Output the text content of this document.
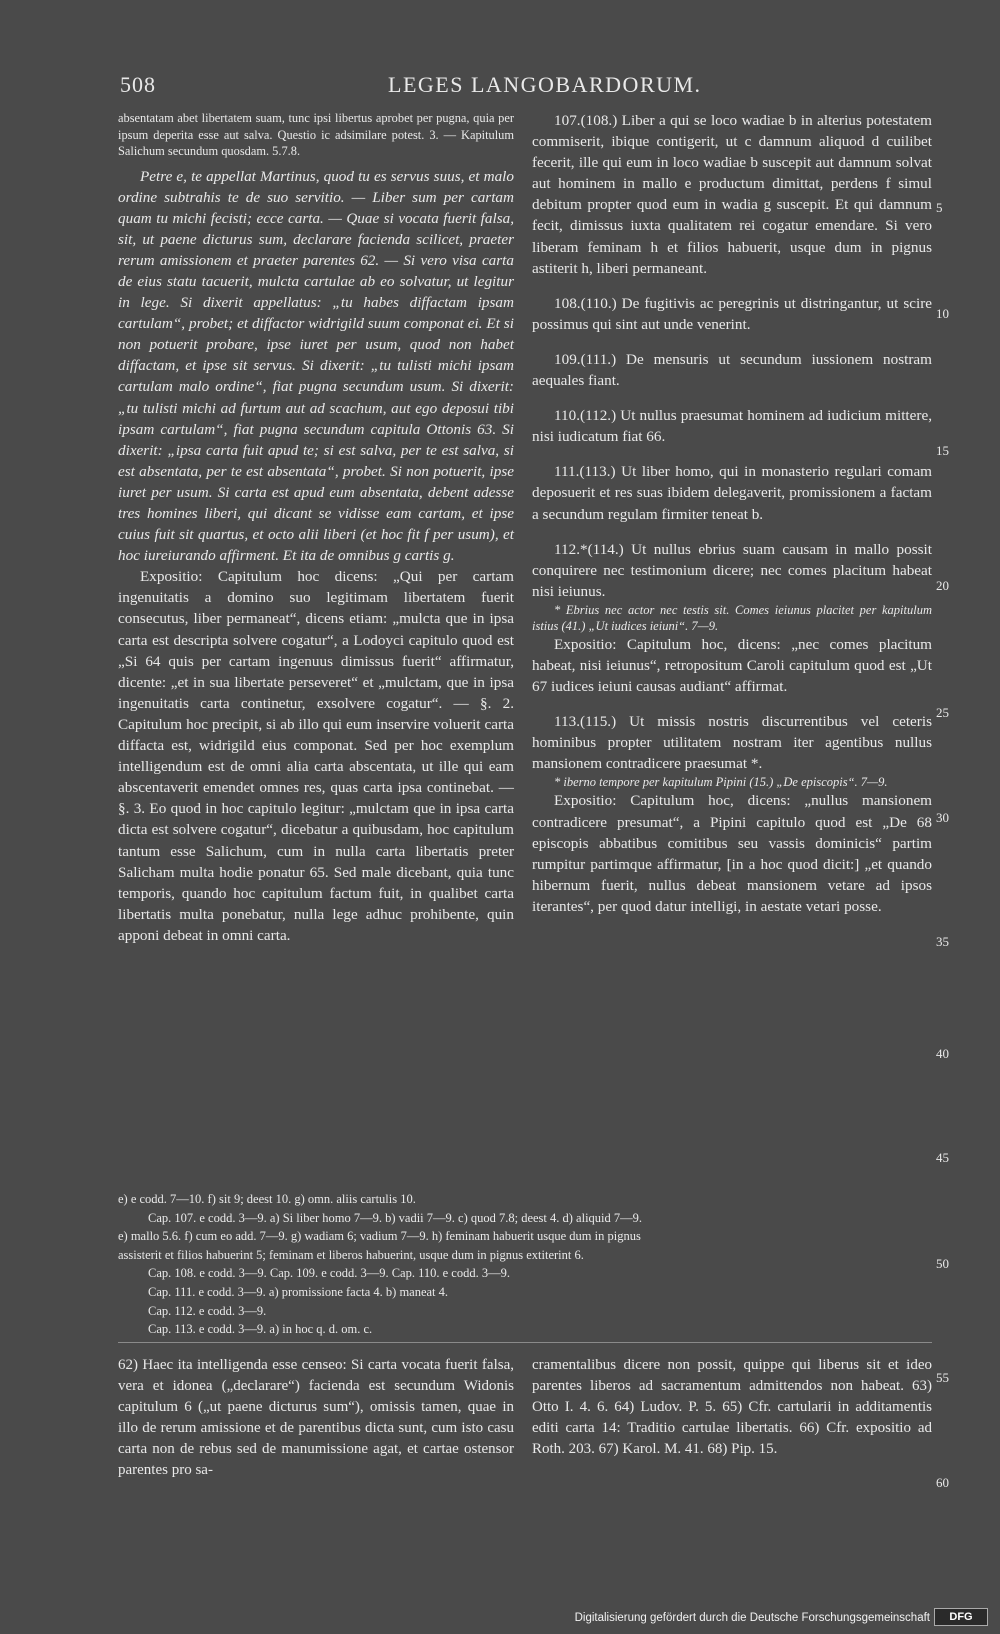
508	LEGES LANGOBARDORUM.

absentatam abet libertatem suam, tunc ipsi libertus aprobet per pugna, quia per ipsum deperita esse aut salva. Questio ic adsimilare potest. 3. — Kapitulum Salichum secundum quosdam. 5.7.8.

Petre e, te appellat Martinus, quod tu es servus suus, et malo ordine subtrahis te de suo servitio. — Liber sum per cartam quam tu michi fecisti; ecce carta. — Quae si vocata fuerit falsa, sit, ut paene dicturus sum, declarare facienda scilicet, praeter rerum amissionem et praeter parentes 62. — Si vero visa carta de eius statu tacuerit, mulcta cartulae ab eo solvatur, ut legitur in lege. Si dixerit appellatus: „tu habes diffactam ipsam cartulam“, probet; et diffactor widrigild suum componat ei. Et si non potuerit probare, ipse iuret per usum, quod non habet diffactam, et ipse sit servus. Si dixerit: „tu tulisti michi ipsam cartulam malo ordine“, fiat pugna secundum usum. Si dixerit: „tu tulisti michi ad furtum aut ad scachum, aut ego deposui tibi ipsam cartulam“, fiat pugna secundum capitula Ottonis 63. Si dixerit: „ipsa carta fuit apud te; si est salva, per te est salva, si est absentata, per te est absentata“, probet. Si non potuerit, ipse iuret per usum. Si carta est apud eum absentata, debent adesse tres homines liberi, qui dicant se vidisse eam cartam, et ipse cuius fuit sit quartus, et octo alii liberi (et hoc fit f per usum), et hoc iureiurando affirment. Et ita de omnibus g cartis g.

Expositio: Capitulum hoc dicens: „Qui per cartam ingenuitatis a domino suo legitimam libertatem fuerit consecutus, liber permaneat“, dicens etiam: „mulcta que in ipsa carta est descripta solvere cogatur“, a Lodoyci capitulo quod est „Si 64 quis per cartam ingenuus dimissus fuerit“ affirmatur, dicente: „et in sua libertate perseveret“ et „mulctam, que in ipsa ingenuitatis carta continetur, exsolvere cogatur“. — §. 2. Capitulum hoc precipit, si ab illo qui eum inservire voluerit carta diffacta est, widrigild eius componat. Sed per hoc exemplum intelligendum est de omni alia carta abscentata, ut ille qui eam abscentaverit emendet omnes res, quas carta ipsa continebat. — §. 3. Eo quod in hoc capitulo legitur: „mulctam que in ipsa carta dicta est solvere cogatur“, dicebatur a quibusdam, hoc capitulum tantum esse Salichum, cum in nulla carta libertatis preter Salicham multa hodie ponatur 65. Sed male dicebant, quia tunc temporis, quando hoc capitulum factum fuit, in qualibet carta libertatis multa ponebatur, nulla lege adhuc prohibente, quin apponi debeat in omni carta.

107.(108.) Liber a qui se loco wadiae b in alterius potestatem commiserit, ibique contigerit, ut c damnum aliquod d cuilibet fecerit, ille qui eum in loco wadiae b suscepit aut damnum solvat aut hominem in mallo e productum dimittat, perdens f simul debitum propter quod eum in wadia g suscepit. Et qui damnum fecit, dimissus iuxta qualitatem rei cogatur emendare. Si vero liberam feminam h et filios habuerit, usque dum in pignus astiterit h, liberi permaneant.

108.(110.) De fugitivis ac peregrinis ut distringantur, ut scire possimus qui sint aut unde venerint.

109.(111.) De mensuris ut secundum iussionem nostram aequales fiant.

110.(112.) Ut nullus praesumat hominem ad iudicium mittere, nisi iudicatum fiat 66.

111.(113.) Ut liber homo, qui in monasterio regulari comam deposuerit et res suas ibidem delegaverit, promissionem a factam a secundum regulam firmiter teneat b.

112.*(114.) Ut nullus ebrius suam causam in mallo possit conquirere nec testimonium dicere; nec comes placitum habeat nisi ieiunus.

* Ebrius nec actor nec testis sit. Comes ieiunus placitet per kapitulum istius (41.) „Ut iudices ieiuni“. 7—9.

Expositio: Capitulum hoc, dicens: „nec comes placitum habeat, nisi ieiunus“, retropositum Caroli capitulum quod est „Ut 67 iudices ieiuni causas audiant“ affirmat.

113.(115.) Ut missis nostris discurrentibus vel ceteris hominibus propter utilitatem nostram iter agentibus nullus mansionem contradicere praesumat *.

* iberno tempore per kapitulum Pipini (15.) „De episcopis“. 7—9.

Expositio: Capitulum hoc, dicens: „nullus mansionem contradicere presumat“, a Pipini capitulo quod est „De 68 episcopis abbatibus comitibus seu vassis dominicis“ partim rumpitur partimque affirmatur, [in a hoc quod dicit:] „et quando hibernum fuerit, nullus debeat mansionem vetare ad ipsos iterantes“, per quod datur intelligi, in aestate vetari posse.

5
10
15
20
25
30
35
40
45
50
55
60
e) e codd. 7—10. f) sit 9; deest 10. g) omn. aliis cartulis 10.
Cap. 107. e codd. 3—9. a) Si liber homo 7—9. b) vadii 7—9. c) quod 7.8; deest 4. d) aliquid 7—9.
e) mallo 5.6. f) cum eo add. 7—9. g) wadiam 6; vadium 7—9. h) feminam habuerit usque dum in pignus
assisterit et filios habuerint 5; feminam et liberos habuerint, usque dum in pignus extiterint 6.
Cap. 108. e codd. 3—9. Cap. 109. e codd. 3—9. Cap. 110. e codd. 3—9.
Cap. 111. e codd. 3—9. a) promissione facta 4. b) maneat 4.
Cap. 112. e codd. 3—9.
Cap. 113. e codd. 3—9. a) in hoc q. d. om. c.
62) Haec ita intelligenda esse censeo: Si carta vocata fuerit falsa, vera et idonea („declarare“) facienda est secundum Widonis capitulum 6 („ut paene dicturus sum“), omissis tamen, quae in illo de rerum amissione et de parentibus dicta sunt, cum isto casu carta non de rebus sed de manumissione agat, et cartae ostensor parentes pro sa-
cramentalibus dicere non possit, quippe qui liberus sit et ideo parentes liberos ad sacramentum admittendos non habeat. 63) Otto I. 4. 6. 64) Ludov. P. 5. 65) Cfr. cartularii in additamentis editi carta 14: Traditio cartulae libertatis. 66) Cfr. expositio ad Roth. 203. 67) Karol. M. 41. 68) Pip. 15.
Digitalisierung gefördert durch die Deutsche Forschungsgemeinschaft	DFG
